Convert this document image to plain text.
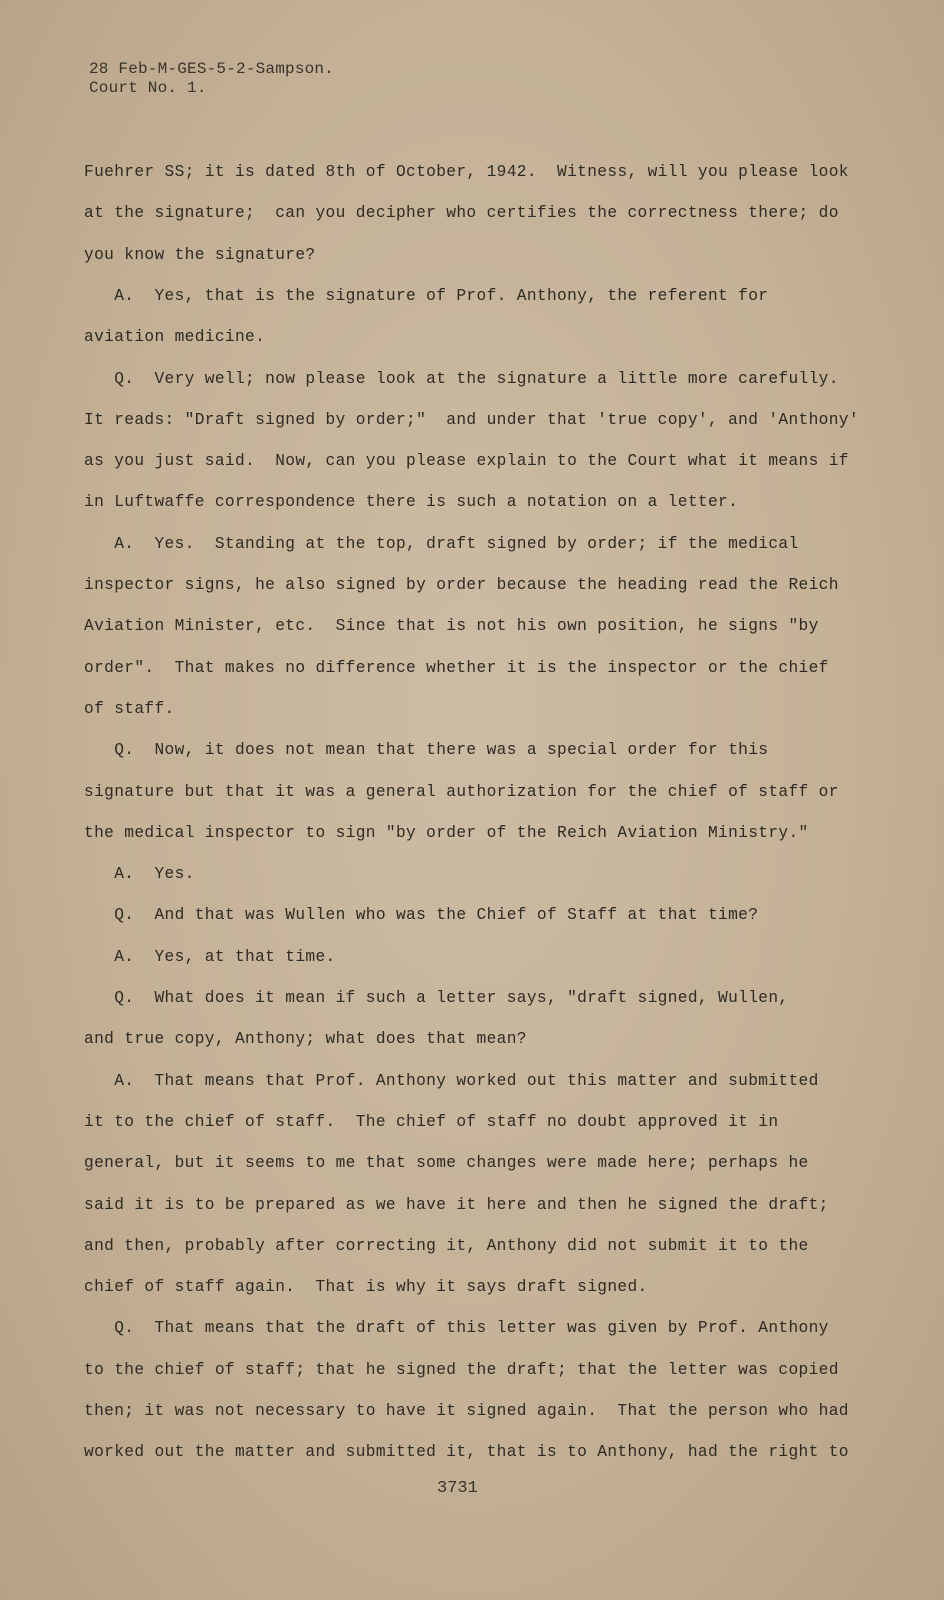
28 Feb-M-GES-5-2-Sampson.
Court No. 1.
Fuehrer SS; it is dated 8th of October, 1942.  Witness, will you please look
at the signature;  can you decipher who certifies the correctness there; do
you know the signature?
A.  Yes, that is the signature of Prof. Anthony, the referent for
aviation medicine.
Q.  Very well; now please look at the signature a little more carefully.
It reads: "Draft signed by order;"  and under that 'true copy', and 'Anthony'
as you just said.  Now, can you please explain to the Court what it means if
in Luftwaffe correspondence there is such a notation on a letter.
A.  Yes.  Standing at the top, draft signed by order; if the medical
inspector signs, he also signed by order because the heading read the Reich
Aviation Minister, etc.  Since that is not his own position, he signs "by
order".  That makes no difference whether it is the inspector or the chief
of staff.
Q.  Now, it does not mean that there was a special order for this
signature but that it was a general authorization for the chief of staff or
the medical inspector to sign "by order of the Reich Aviation Ministry."
A.  Yes.
Q.  And that was Wullen who was the Chief of Staff at that time?
A.  Yes, at that time.
Q.  What does it mean if such a letter says, "draft signed, Wullen,
and true copy, Anthony; what does that mean?
A.  That means that Prof. Anthony worked out this matter and submitted
it to the chief of staff.  The chief of staff no doubt approved it in
general, but it seems to me that some changes were made here; perhaps he
said it is to be prepared as we have it here and then he signed the draft;
and then, probably after correcting it, Anthony did not submit it to the
chief of staff again.  That is why it says draft signed.
Q.  That means that the draft of this letter was given by Prof. Anthony
to the chief of staff; that he signed the draft; that the letter was copied
then; it was not necessary to have it signed again.  That the person who had
worked out the matter and submitted it, that is to Anthony, had the right to
3731
